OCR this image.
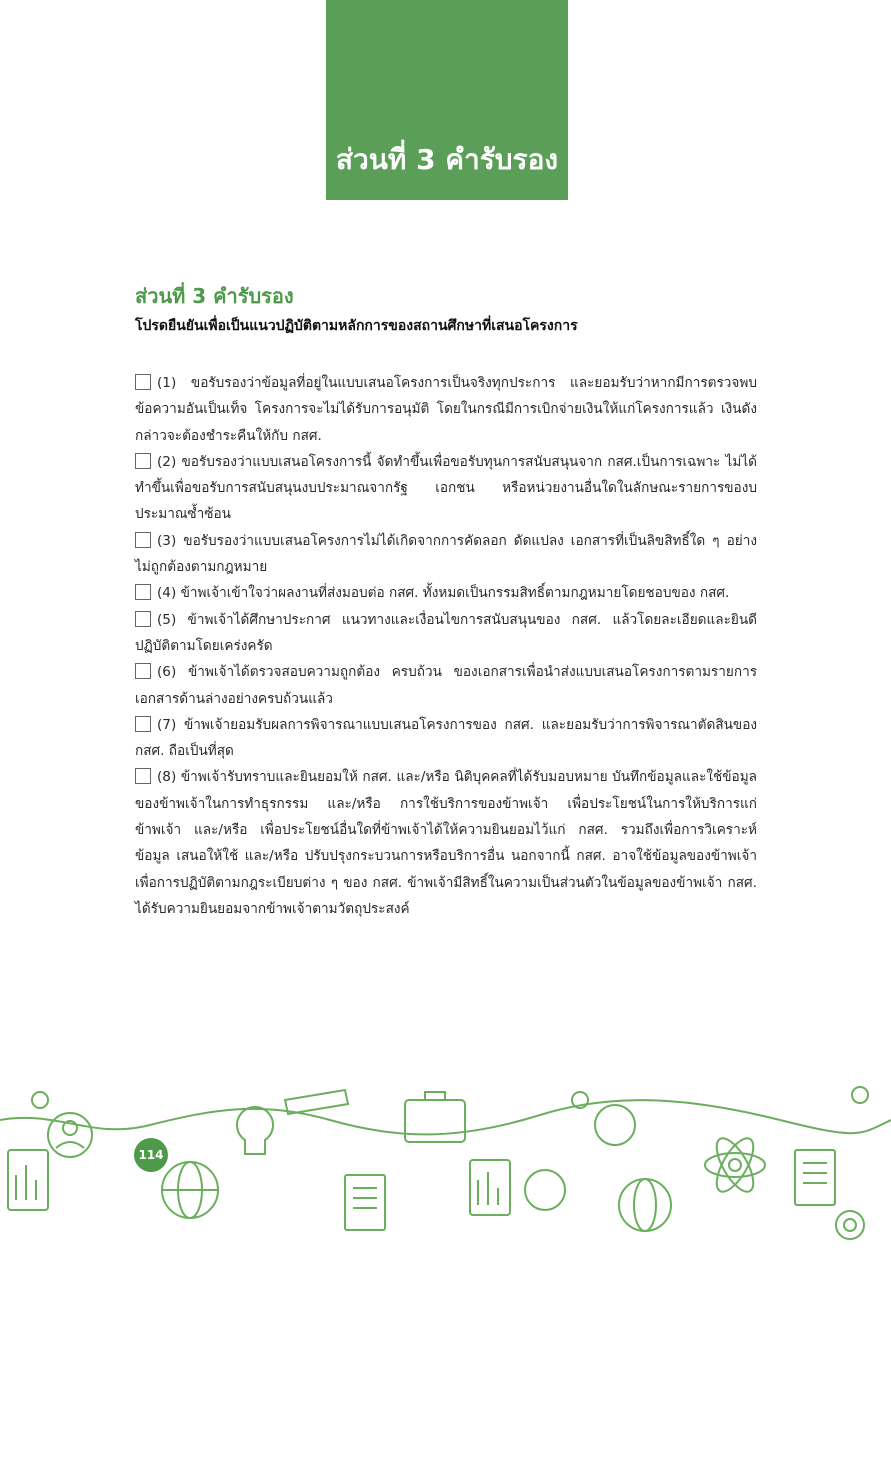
ส่วนที่ 3 คำรับรอง
ส่วนที่ 3 คำรับรอง
โปรดยืนยันเพื่อเป็นแนวปฏิบัติตามหลักการของสถานศึกษาที่เสนอโครงการ

(1) ขอรับรองว่าข้อมูลที่อยู่ในแบบเสนอโครงการเป็นจริงทุกประการ และยอมรับว่าหากมีการตรวจพบข้อความอันเป็นเท็จ โครงการจะไม่ได้รับการอนุมัติ โดยในกรณีมีการเบิกจ่ายเงินให้แก่โครงการแล้ว เงินดังกล่าวจะต้องชำระคืนให้กับ กสศ.

(2) ขอรับรองว่าแบบเสนอโครงการนี้ จัดทำขึ้นเพื่อขอรับทุนการสนับสนุนจาก กสศ.เป็นการเฉพาะ ไม่ได้ทำขึ้นเพื่อขอรับการสนับสนุนงบประมาณจากรัฐ เอกชน หรือหน่วยงานอื่นใดในลักษณะรายการของบประมาณซ้ำซ้อน

(3) ขอรับรองว่าแบบเสนอโครงการไม่ได้เกิดจากการคัดลอก ดัดแปลง เอกสารที่เป็นลิขสิทธิ์ใด ๆ อย่างไม่ถูกต้องตามกฎหมาย

(4) ข้าพเจ้าเข้าใจว่าผลงานที่ส่งมอบต่อ กสศ. ทั้งหมดเป็นกรรมสิทธิ์ตามกฎหมายโดยชอบของ กสศ.

(5) ข้าพเจ้าได้ศึกษาประกาศ แนวทางและเงื่อนไขการสนับสนุนของ กสศ. แล้วโดยละเอียดและยินดีปฏิบัติตามโดยเคร่งครัด

(6) ข้าพเจ้าได้ตรวจสอบความถูกต้อง ครบถ้วน ของเอกสารเพื่อนำส่งแบบเสนอโครงการตามรายการเอกสารด้านล่างอย่างครบถ้วนแล้ว

(7) ข้าพเจ้ายอมรับผลการพิจารณาแบบเสนอโครงการของ กสศ. และยอมรับว่าการพิจารณาตัดสินของ กสศ. ถือเป็นที่สุด

(8) ข้าพเจ้ารับทราบและยินยอมให้ กสศ. และ/หรือ นิติบุคคลที่ได้รับมอบหมาย บันทึกข้อมูลและใช้ข้อมูลของข้าพเจ้าในการทำธุรกรรม และ/หรือ การใช้บริการของข้าพเจ้า เพื่อประโยชน์ในการให้บริการแก่ข้าพเจ้า และ/หรือ เพื่อประโยชน์อื่นใดที่ข้าพเจ้าได้ให้ความยินยอมไว้แก่ กสศ. รวมถึงเพื่อการวิเคราะห์ข้อมูล เสนอให้ใช้ และ/หรือ ปรับปรุงกระบวนการหรือบริการอื่น นอกจากนี้ กสศ. อาจใช้ข้อมูลของข้าพเจ้าเพื่อการปฏิบัติตามกฎระเบียบต่าง ๆ ของ กสศ. ข้าพเจ้ามีสิทธิ์ในความเป็นส่วนตัวในข้อมูลของข้าพเจ้า กสศ. ได้รับความยินยอมจากข้าพเจ้าตามวัตถุประสงค์

114
